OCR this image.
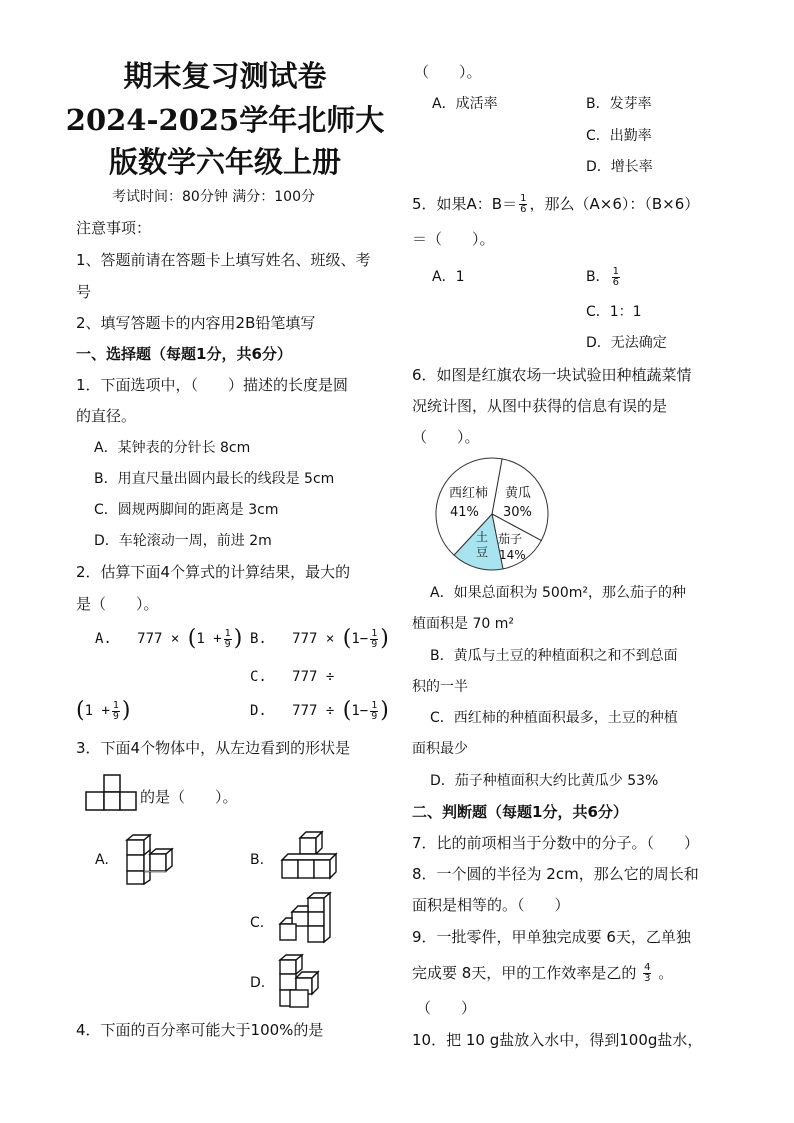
期末复习测试卷
2024-2025学年北师大
版数学六年级上册
考试时间：80分钟 满分：100分
注意事项：
1、答题前请在答题卡上填写姓名、班级、考
号
2、填写答题卡的内容用2B铅笔填写
一、选择题（每题1分，共6分）
1．下面选项中，（　　）描述的长度是圆
的直径。
A．某钟表的分针长 8cm
B．用直尺量出圆内最长的线段是 5cm
C．圆规两脚间的距离是 3cm
D．车轮滚动一周，前进 2m
2．估算下面4个算式的计算结果，最大的
是（　　）。
A. $777 \times (1 + \frac{1}{9}$ ) B. $777 \times (1- \frac{1}{9}$ )
C. 777 ÷
($1 + \frac{1}{9}$ )	D. $777 \div (1- \frac{1}{9}$ )
3．下面4个物体中，从左边看到的形状是
的是（　　）。
A.	B.
C.
D.
4．下面的百分率可能大于100%的是
（　　）。
A．成活率	B．发芽率
C．出勤率
D．增长率
5．如果A：$B= \frac{1}{6}$ ，那么（A×6）：（B×6）
＝（　　）。
A．1	B． $\frac{1}{6}$
C．1：1
D．无法确定
6．如图是红旗农场一块试验田种植蔬菜情
况统计图，从图中获得的信息有误的是
（　　）。
西红柿
41%
黄瓜
30%
茄子
14%
土豆
A．如果总面积为 500m²，那么茄子的种
植面积是 70 m²
B．黄瓜与土豆的种植面积之和不到总面
积的一半
C．西红柿的种植面积最多，土豆的种植
面积最少
D．茄子种植面积大约比黄瓜少 53%
二、判断题（每题1分，共6分）
7．比的前项相当于分数中的分子。（　　）
8．一个圆的半径为 2cm，那么它的周长和
面积是相等的。（　　）
9．一批零件，甲单独完成要 6天，乙单独
完成要 8天，甲的工作效率是乙的 $\frac{4}{3}$ 。
（　　）
10．把 10 g盐放入水中，得到100g盐水，
